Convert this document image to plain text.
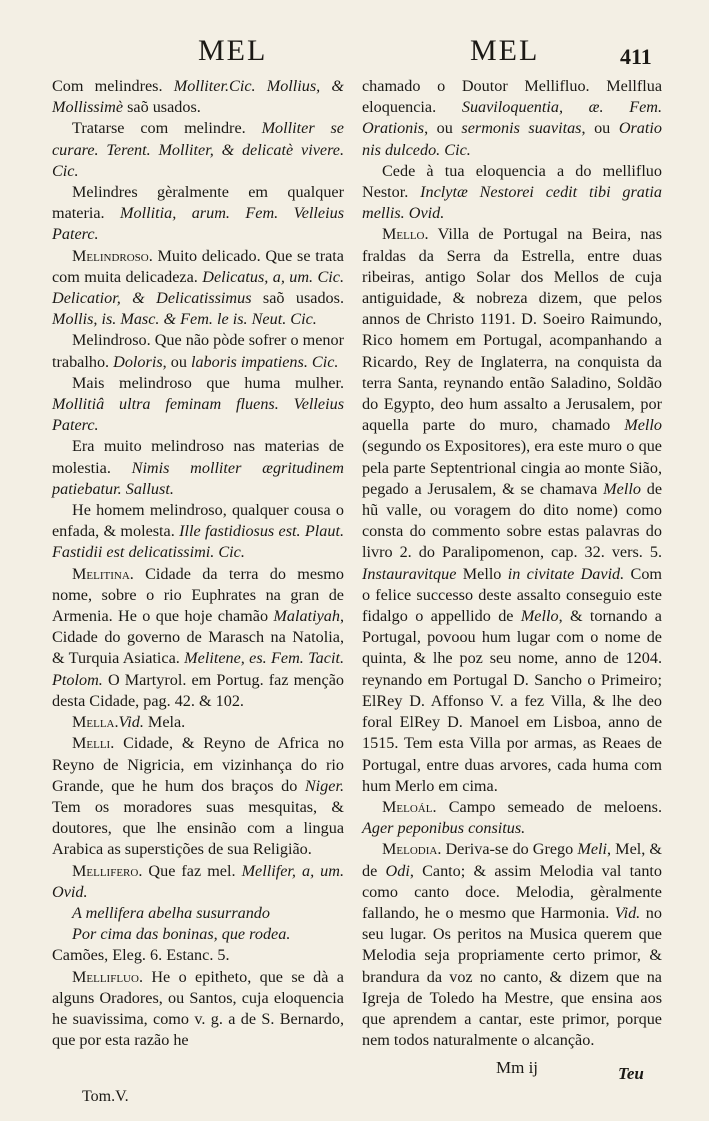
MEL	MEL	411

Com melindres. Molliter.Cic. Mollius, & Mollissimè saõ usados.

Tratarse com melindre. Molliter se curare. Terent. Molliter, & delicatè vivere. Cic.

Melindres gèralmente em qualquer materia. Mollitia, arum. Fem. Velleius Paterc.

Melindroso. Muito delicado. Que se trata com muita delicadeza. Delicatus, a, um. Cic. Delicatior, & Delicatissimus saõ usados. Mollis, is. Masc. & Fem. le is. Neut. Cic.

Melindroso. Que não pòde sofrer o menor trabalho. Doloris, ou laboris impatiens. Cic.

Mais melindroso que huma mulher. Mollitiâ ultra feminam fluens. Velleius Paterc.

Era muito melindroso nas materias de molestia. Nimis molliter ægritudinem patiebatur. Sallust.

He homem melindroso, qualquer cousa o enfada, & molesta. Ille fastidiosus est. Plaut. Fastidii est delicatissimi. Cic.

Melitina. Cidade da terra do mesmo nome, sobre o rio Euphrates na gran de Armenia. He o que hoje chamão Malatiyah, Cidade do governo de Marasch na Natolia, & Turquia Asiatica. Melitene, es. Fem. Tacit. Ptolom. O Martyrol. em Portug. faz menção desta Cidade, pag. 42. & 102.

Mella.Vid. Mela.

Melli. Cidade, & Reyno de Africa no Reyno de Nigricia, em vizinhança do rio Grande, que he hum dos braços do Niger. Tem os moradores suas mesquitas, & doutores, que lhe ensinão com a lingua Arabica as superstições de sua Religião.

Mellifero. Que faz mel. Mellifer, a, um. Ovid.

A mellifera abelha susurrando

Por cima das boninas, que rodea.

Camões, Eleg. 6. Estanc. 5.

Mellifluo. He o epitheto, que se dà a alguns Oradores, ou Santos, cuja eloquencia he suavissima, como v. g. a de S. Bernardo, que por esta razão he

chamado o Doutor Mellifluo. Mellflua eloquencia. Suaviloquentia, æ. Fem. Orationis, ou sermonis suavitas, ou Oratio nis dulcedo. Cic.

Cede à tua eloquencia a do mellifluo Nestor. Inclytæ Nestorei cedit tibi gratia mellis. Ovid.

Mello. Villa de Portugal na Beira, nas fraldas da Serra da Estrella, entre duas ribeiras, antigo Solar dos Mellos de cuja antiguidade, & nobreza dizem, que pelos annos de Christo 1191. D. Soeiro Raimundo, Rico homem em Portugal, acompanhando a Ricardo, Rey de Inglaterra, na conquista da terra Santa, reynando então Saladino, Soldão do Egypto, deo hum assalto a Jerusalem, por aquella parte do muro, chamado Mello (segundo os Expositores), era este muro o que pela parte Septentrional cingia ao monte Sião, pegado a Jerusalem, & se chamava Mello de hũ valle, ou voragem do dito nome) como consta do commento sobre estas palavras do livro 2. do Paralipomenon, cap. 32. vers. 5. Instauravitque Mello in civitate David. Com o felice successo deste assalto conseguio este fidalgo o appellido de Mello, & tornando a Portugal, povoou hum lugar com o nome de quinta, & lhe poz seu nome, anno de 1204. reynando em Portugal D. Sancho o Primeiro; ElRey D. Affonso V. a fez Villa, & lhe deo foral ElRey D. Manoel em Lisboa, anno de 1515. Tem esta Villa por armas, as Reaes de Portugal, entre duas arvores, cada huma com hum Merlo em cima.

Meloál. Campo semeado de meloens. Ager peponibus consitus.

Melodia. Deriva-se do Grego Meli, Mel, & de Odi, Canto; & assim Melodia val tanto como canto doce. Melodia, gèralmente fallando, he o mesmo que Harmonia. Vid. no seu lugar. Os peritos na Musica querem que Melodia seja propriamente certo primor, & brandura da voz no canto, & dizem que na Igreja de Toledo ha Mestre, que ensina aos que aprendem a cantar, este primor, porque nem todos naturalmente o alcanção.

Tom.V.
Mm ij	Teu
